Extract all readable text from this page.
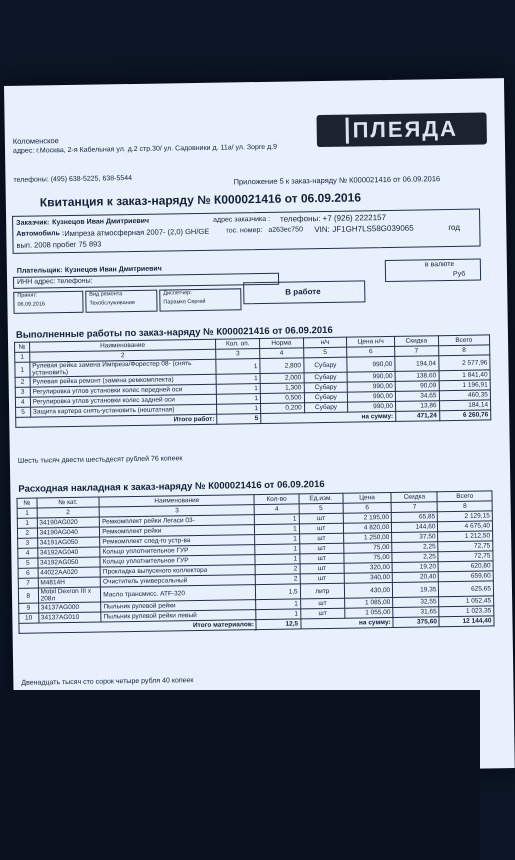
Коломенское
адрес: г.Москва, 2-я Кабельная ул. д.2 стр.30/ ул. Садовники д. 11а/ ул. Зорге д.9
телефоны: (495) 638-5225, 638-5544
ПЛЕЯДА
Приложение 5 к заказ-наряду № К000021416 от 06.09.2016
Квитанция к заказ-наряду № К000021416 от 06.09.2016
Заказчик: Кузнецов Иван Дмитриевич	адрес заказчика : телефоны: +7 (926) 2222157
Автомобиль : Импреза атмосферная 2007- (2,0) GH/GE гос. номер: а263ес750 VIN: JF1GH7LS58G039065	год
вып. 2008 пробег 75 893
Плательщик: Кузнецов Иван Дмитриевич
ИНН адрес: телефоны:
в валюте
Руб
Принят:
06.09.2016
Вид ремонта
Техобслуживание
Диспетчер:
Парамко Сергей
В работе
Выполненные работы по заказ-наряду № К000021416 от 06.09.2016
№	Наименование	Кол. оп.	Норма	н/ч	Цена н/ч	Скидка	Всего
1	2	3	4	5	6	7	8
1	Рулевая рейка замена Импреза/Форестер 08- (снять установить)	1	2,800	Субару	990,00	194,04	2 577,96
2	Рулевая рейка ремонт (замена ремкомплекта)	1	2,000	Субару	990,00	138,60	1 841,40
3	Регулировка углов установки колес передней оси	1	1,300	Субару	990,00	90,09	1 196,91
4	Регулировка углов установки колес задней оси	1	0,500	Субару	990,00	34,65	460,35
5	Защита картера снять-установить (нештатная)	1	0,200	Субару	990,00	13,86	184,14
Итого работ:		5	на сумму:			471,24	6 260,76
Шесть тысяч двести шестьдесят рублей 76 копеек
Расходная накладная к заказ-наряду № К000021416 от 06.09.2016
№	№ кат.	Наименование	Кол-во	Ед.изм.	Цена	Скидка	Всего
1	2	3	4	5	6	7	8
1	34190AG020	Ремкомплект рейки Легаси 03-	1	шт	2 195,00	65,85	2 129,15
2	34190AG040	Ремкомплект рейки	1	шт	4 820,00	144,60	4 675,40
3	34191AG050	Ремкомплект след-го устр-ва	1	шт	1 250,00	37,50	1 212,50
4	34192AG040	Кольцо уплотнительное ГУР	1	шт	75,00	2,25	72,75
5	34192AG050	Кольцо уплотнительное ГУР	1	шт	75,00	2,25	72,75
6	44022AA020	Прокладка выпускного коллектора	2	шт	320,00	19,20	620,80
7	M4814H	Очиститель универсальный	2	шт	340,00	20,40	659,60
8	Mobil Dexron III x 208л	Масло трансмисс. ATF-320	1,5	литр	430,00	19,35	625,65
9	34137AG000	Пыльник рулевой рейки	1	шт	1 085,00	32,55	1 052,45
10	34137AG010	Пыльник рулевой рейки левый	1	шт	1 055,00	31,65	1 023,35
Итого материалов:			12,5	на сумму:		375,60	12 144,40
Двенадцать тысяч сто сорок четыре рубля 40 копеек
